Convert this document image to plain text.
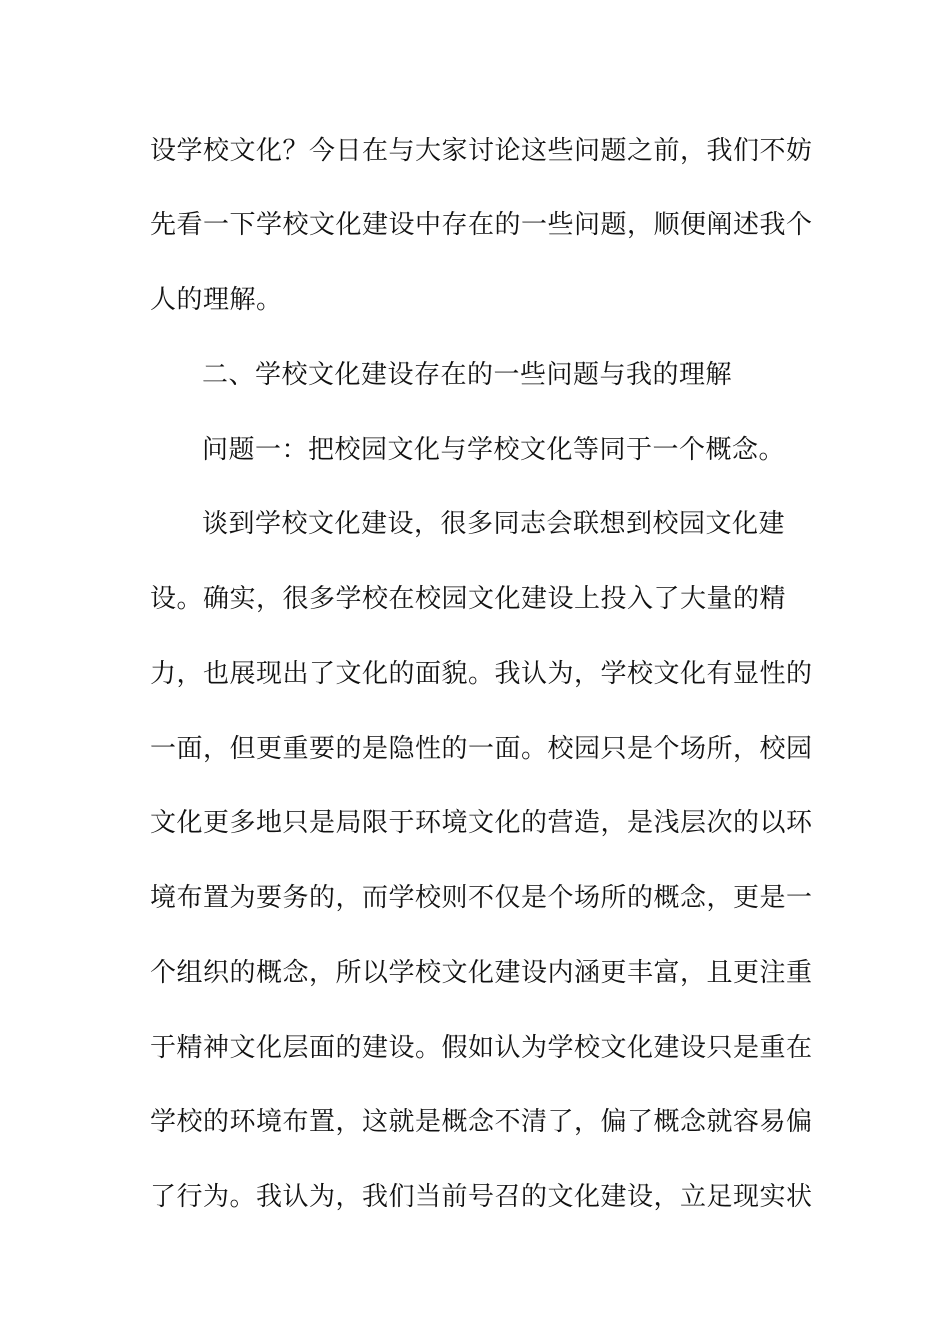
设学校文化？今日在与大家讨论这些问题之前，我们不妨
先看一下学校文化建设中存在的一些问题，顺便阐述我个
人的理解。
二、学校文化建设存在的一些问题与我的理解
问题一：把校园文化与学校文化等同于一个概念。
谈到学校文化建设，很多同志会联想到校园文化建
设。确实，很多学校在校园文化建设上投入了大量的精
力，也展现出了文化的面貌。我认为，学校文化有显性的
一面，但更重要的是隐性的一面。校园只是个场所，校园
文化更多地只是局限于环境文化的营造，是浅层次的以环
境布置为要务的，而学校则不仅是个场所的概念，更是一
个组织的概念，所以学校文化建设内涵更丰富，且更注重
于精神文化层面的建设。假如认为学校文化建设只是重在
学校的环境布置，这就是概念不清了，偏了概念就容易偏
了行为。我认为，我们当前号召的文化建设，立足现实状
